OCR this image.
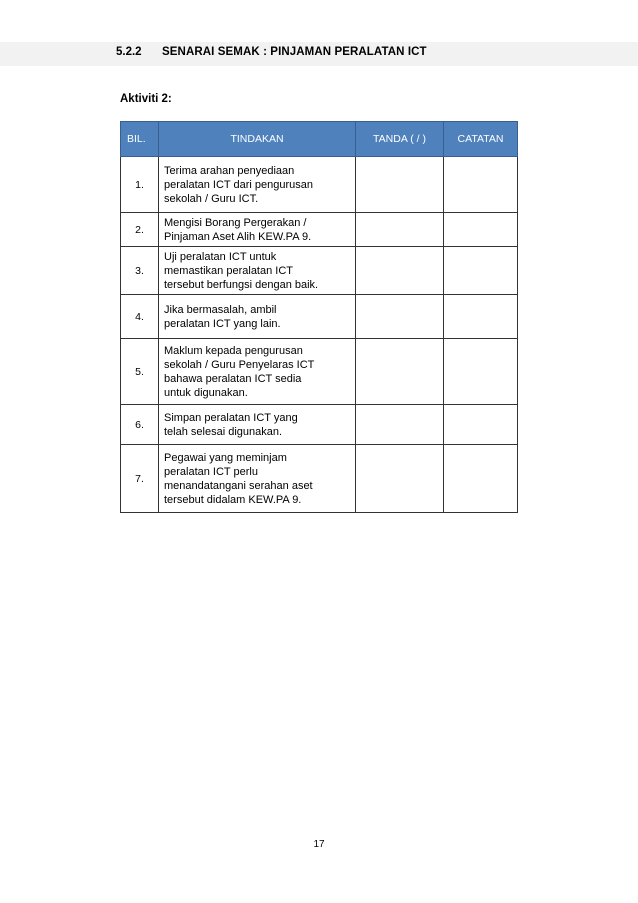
5.2.2 SENARAI SEMAK : PINJAMAN PERALATAN ICT
Aktiviti 2:
BIL.	TINDAKAN	TANDA ( / )	CATATAN
1.	Terima arahan penyediaan
peralatan ICT dari pengurusan
sekolah / Guru ICT.		

2.	Mengisi Borang Pergerakan /
Pinjaman Aset Alih KEW.PA 9.		

3.	Uji peralatan ICT untuk
memastikan peralatan ICT
tersebut berfungsi dengan baik.		

4.	Jika bermasalah, ambil
peralatan ICT yang lain.		

5.	Maklum kepada pengurusan
sekolah / Guru Penyelaras ICT
bahawa peralatan ICT sedia
untuk digunakan.		

6.	Simpan peralatan ICT yang
telah selesai digunakan.		

7.	Pegawai yang meminjam
peralatan ICT perlu
menandatangani serahan aset
tersebut didalam KEW.PA 9.		

17
